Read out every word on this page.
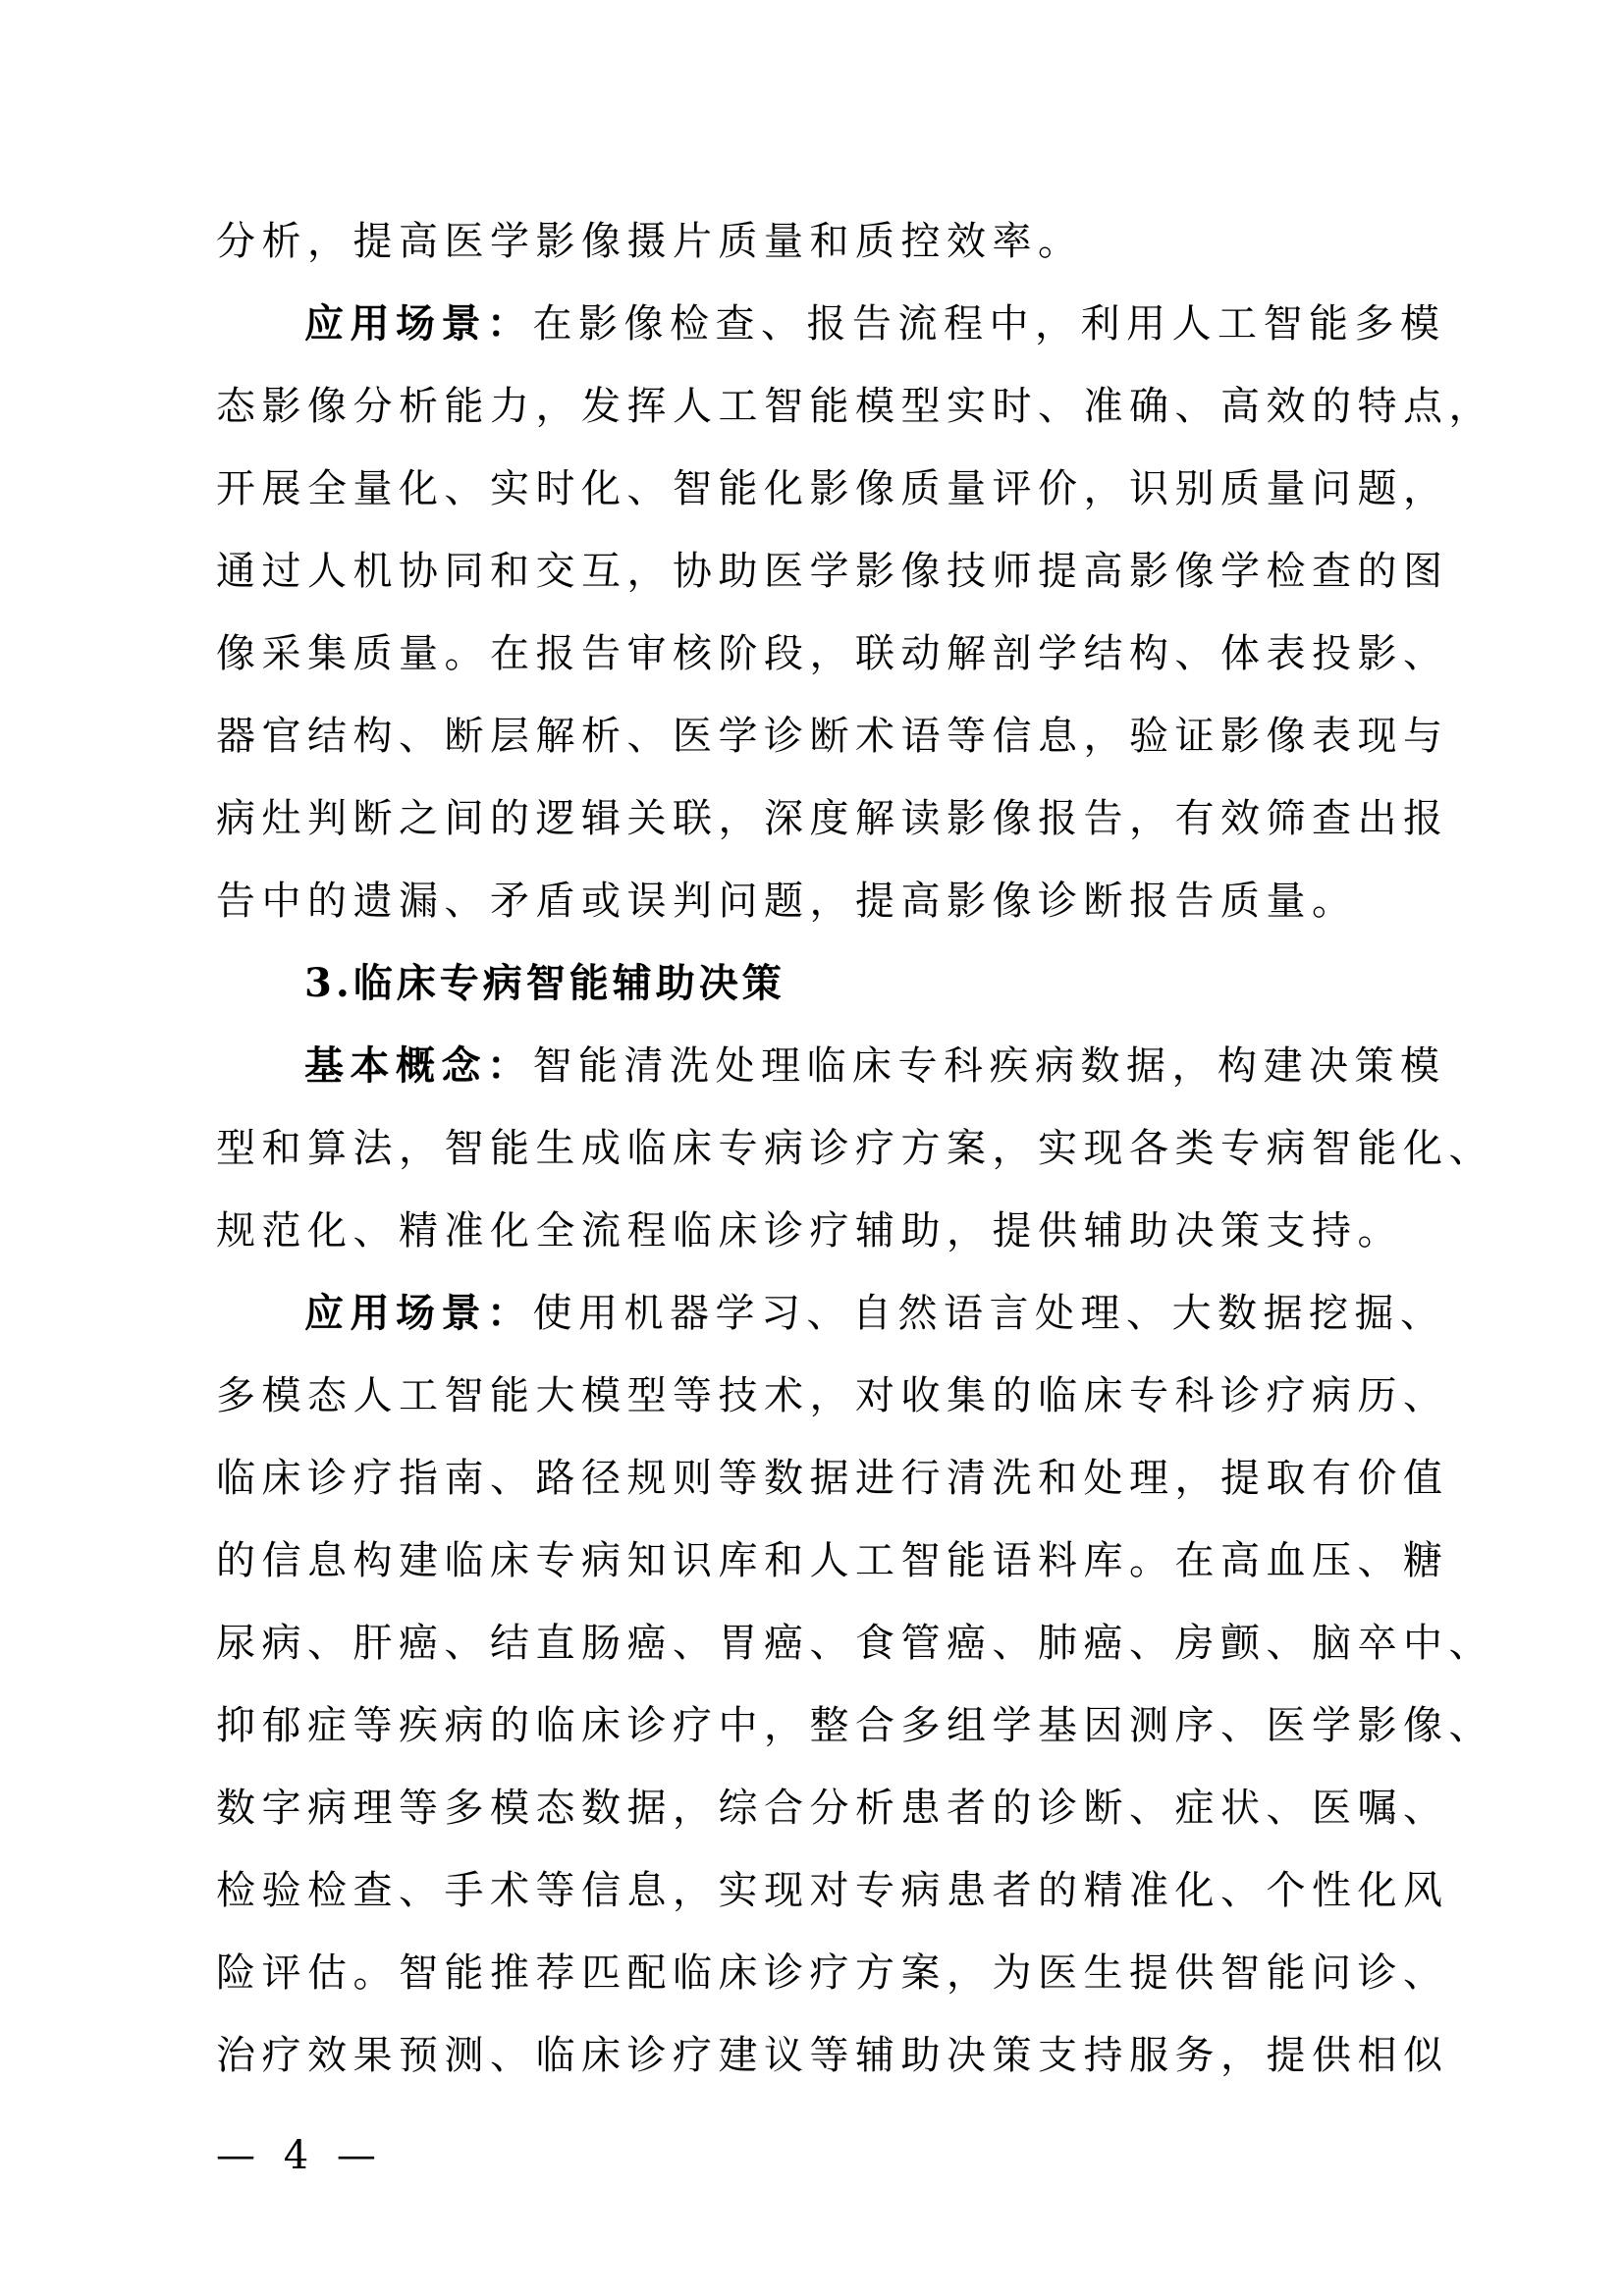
分析，提高医学影像摄片质量和质控效率。
应用场景：在影像检查、报告流程中，利用人工智能多模
态影像分析能力，发挥人工智能模型实时、准确、高效的特点，
开展全量化、实时化、智能化影像质量评价，识别质量问题，
通过人机协同和交互，协助医学影像技师提高影像学检查的图
像采集质量。在报告审核阶段，联动解剖学结构、体表投影、
器官结构、断层解析、医学诊断术语等信息，验证影像表现与
病灶判断之间的逻辑关联，深度解读影像报告，有效筛查出报
告中的遗漏、矛盾或误判问题，提高影像诊断报告质量。
3.临床专病智能辅助决策
基本概念：智能清洗处理临床专科疾病数据，构建决策模
型和算法，智能生成临床专病诊疗方案，实现各类专病智能化、
规范化、精准化全流程临床诊疗辅助，提供辅助决策支持。
应用场景：使用机器学习、自然语言处理、大数据挖掘、
多模态人工智能大模型等技术，对收集的临床专科诊疗病历、
临床诊疗指南、路径规则等数据进行清洗和处理，提取有价值
的信息构建临床专病知识库和人工智能语料库。在高血压、糖
尿病、肝癌、结直肠癌、胃癌、食管癌、肺癌、房颤、脑卒中、
抑郁症等疾病的临床诊疗中，整合多组学基因测序、医学影像、
数字病理等多模态数据，综合分析患者的诊断、症状、医嘱、
检验检查、手术等信息，实现对专病患者的精准化、个性化风
险评估。智能推荐匹配临床诊疗方案，为医生提供智能问诊、
治疗效果预测、临床诊疗建议等辅助决策支持服务，提供相似
— 4 —
